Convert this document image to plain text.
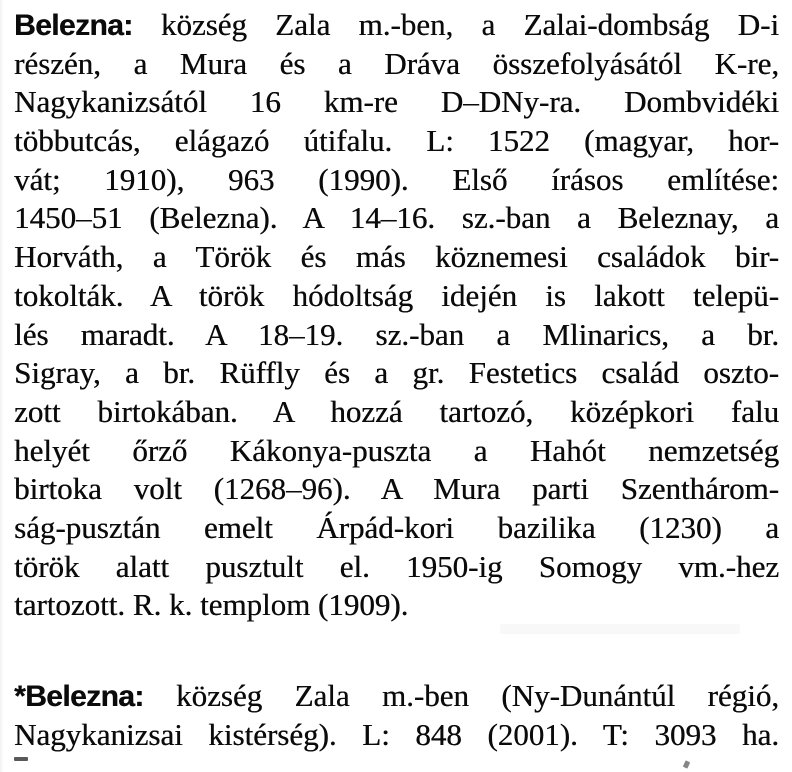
Belezna: község Zala m.-ben, a Zalai-dombság D-i
részén, a Mura és a Dráva összefolyásától K-re,
Nagykanizsától 16 km-re D–DNy-ra. Dombvidéki
többutcás, elágazó útifalu. L: 1522 (magyar, hor-
vát; 1910), 963 (1990). Első írásos említése:
1450–51 (Belezna). A 14–16. sz.-ban a Beleznay, a
Horváth, a Török és más köznemesi családok bir-
tokolták. A török hódoltság idején is lakott telepü-
lés maradt. A 18–19. sz.-ban a Mlinarics, a br.
Sigray, a br. Rüffly és a gr. Festetics család oszto-
zott birtokában. A hozzá tartozó, középkori falu
helyét őrző Kákonya-puszta a Hahót nemzetség
birtoka volt (1268–96). A Mura parti Szenthárom-
ság-pusztán emelt Árpád-kori bazilika (1230) a
török alatt pusztult el. 1950-ig Somogy vm.-hez
tartozott. R. k. templom (1909).
*Belezna: község Zala m.-ben (Ny-Dunántúl régió,
Nagykanizsai kistérség). L: 848 (2001). T: 3093 ha.
